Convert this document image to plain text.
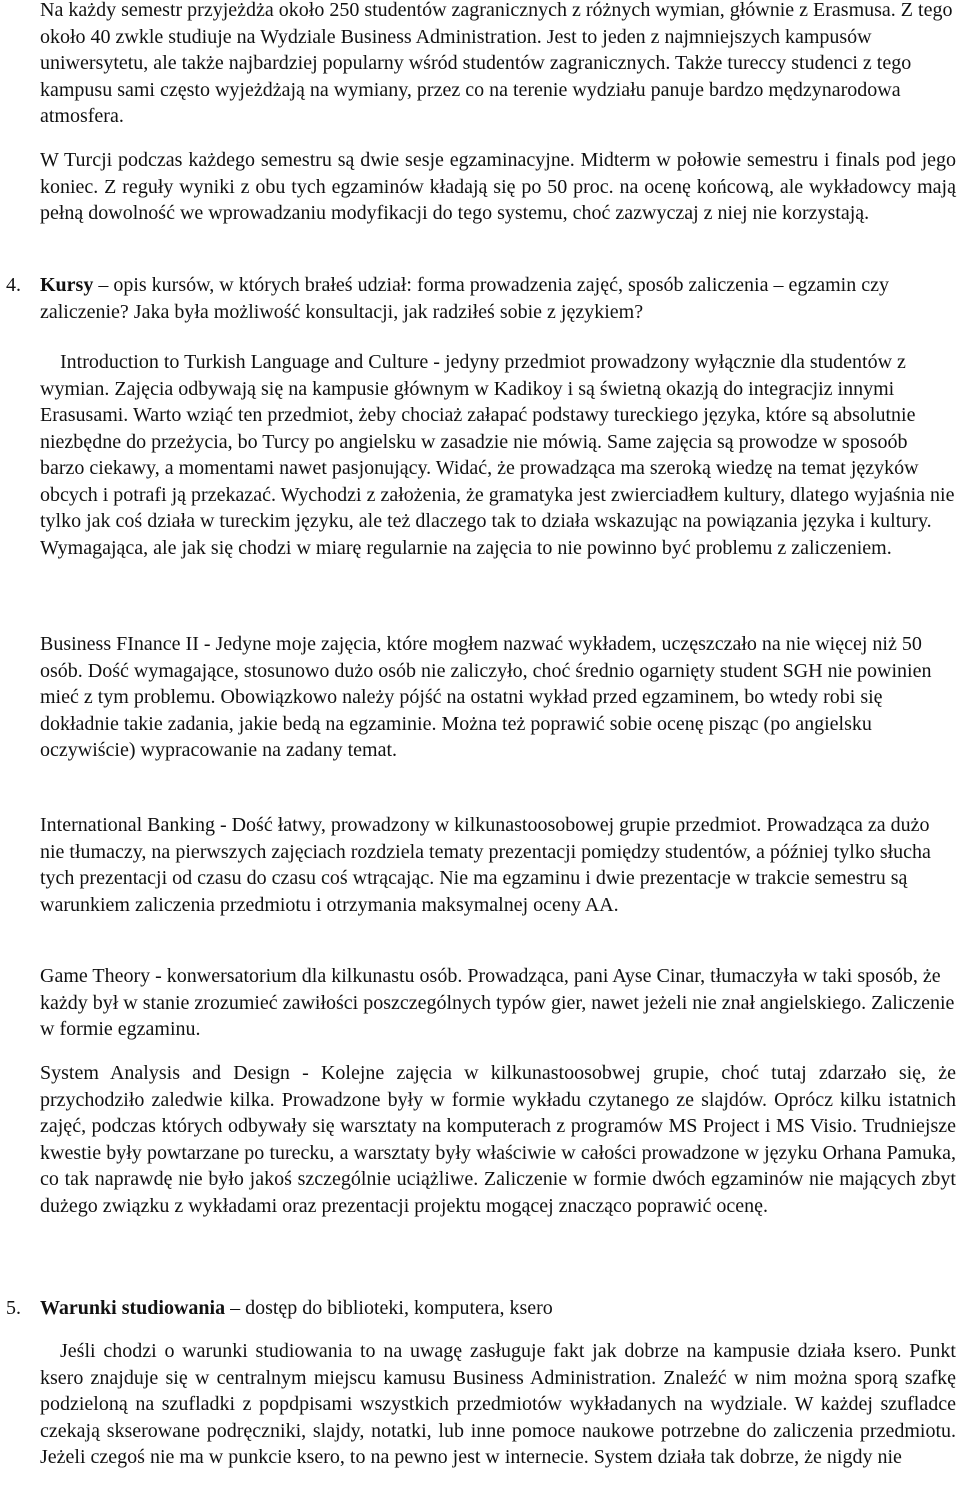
Na każdy semestr przyjeżdża około 250 studentów zagranicznych z różnych wymian, głównie z Erasmusa. Z tego około 40 zwkle studiuje na Wydziale Business Administration. Jest to jeden z najmniejszych kampusów uniwersytetu, ale także najbardziej popularny wśród studentów zagranicznych. Także tureccy studenci z tego kampusu sami często wyjeżdżają na wymiany, przez co na terenie wydziału panuje bardzo mędzynarodowa atmosfera.

W Turcji podczas każdego semestru są dwie sesje egzaminacyjne. Midterm w połowie semestru i finals pod jego koniec. Z reguły wyniki z obu tych egzaminów kładają się po 50 proc. na ocenę końcową, ale wykładowcy mają pełną dowolność we wprowadzaniu modyfikacji do tego systemu, choć zazwyczaj z niej nie korzystają.

4. Kursy – opis kursów, w których brałeś udział: forma prowadzenia zajęć, sposób zaliczenia – egzamin czy zaliczenie? Jaka była możliwość konsultacji, jak radziłeś sobie z językiem?

Introduction to Turkish Language and Culture - jedyny przedmiot prowadzony wyłącznie dla studentów z wymian. Zajęcia odbywają się na kampusie głównym w Kadikoy i są świetną okazją do integracjiz innymi Erasusami. Warto wziąć ten przedmiot, żeby chociaż załapać podstawy tureckiego języka, które są absolutnie niezbędne do przeżycia, bo Turcy po angielsku w zasadzie nie mówią. Same zajęcia są prowodze w sposoób barzo ciekawy, a momentami nawet pasjonujący. Widać, że prowadząca ma szeroką wiedzę na temat języków obcych i potrafi ją przekazać. Wychodzi z założenia, że gramatyka jest zwierciadłem kultury, dlatego wyjaśnia nie tylko jak coś działa w tureckim języku, ale też dlaczego tak to działa wskazując na powiązania języka i kultury. Wymagająca, ale jak się chodzi w miarę regularnie na zajęcia to nie powinno być problemu z zaliczeniem.

Business FInance II - Jedyne moje zajęcia, które mogłem nazwać wykładem, uczęszczało na nie więcej niż 50 osób. Dość wymagające, stosunowo dużo osób nie zaliczyło, choć średnio ogarnięty student SGH nie powinien mieć z tym problemu. Obowiązkowo należy pójść na ostatni wykład przed egzaminem, bo wtedy robi się dokładnie takie zadania, jakie bedą na egzaminie. Można też poprawić sobie ocenę pisząc (po angielsku oczywiście) wypracowanie na zadany temat.

International Banking - Dość łatwy, prowadzony w kilkunastoosobowej grupie przedmiot. Prowadząca za dużo nie tłumaczy, na pierwszych zajęciach rozdziela tematy prezentacji pomiędzy studentów, a później tylko słucha tych prezentacji od czasu do czasu coś wtrącając. Nie ma egzaminu i dwie prezentacje w trakcie semestru są warunkiem zaliczenia przedmiotu i otrzymania maksymalnej oceny AA.

Game Theory - konwersatorium dla kilkunastu osób. Prowadząca, pani Ayse Cinar, tłumaczyła w taki sposób, że każdy był w stanie zrozumieć zawiłości poszczególnych typów gier, nawet jeżeli nie znał angielskiego. Zaliczenie w formie egzaminu.

System Analysis and Design - Kolejne zajęcia w kilkunastoosobwej grupie, choć tutaj zdarzało się, że przychodziło zaledwie kilka. Prowadzone były w formie wykładu czytanego ze slajdów. Oprócz kilku istatnich zajęć, podczas których odbywały się warsztaty na komputerach z programów MS Project i MS Visio. Trudniejsze kwestie były powtarzane po turecku, a warsztaty były właściwie w całości prowadzone w języku Orhana Pamuka, co tak naprawdę nie było jakoś szczególnie uciążliwe. Zaliczenie w formie dwóch egzaminów nie mających zbyt dużego związku z wykładami oraz prezentacji projektu mogącej znacząco poprawić ocenę.

5. Warunki studiowania – dostęp do biblioteki, komputera, ksero

Jeśli chodzi o warunki studiowania to na uwagę zasługuje fakt jak dobrze na kampusie działa ksero. Punkt ksero znajduje się w centralnym miejscu kamusu Business Administration. Znaleźć w nim można sporą szafkę podzieloną na szufladki z popdpisami wszystkich przedmiotów wykładanych na wydziale. W każdej szufladce czekają skserowane podręczniki, slajdy, notatki, lub inne pomoce naukowe potrzebne do zaliczenia przedmiotu. Jeżeli czegoś nie ma w punkcie ksero, to na pewno jest w internecie. System działa tak dobrze, że nigdy nie
